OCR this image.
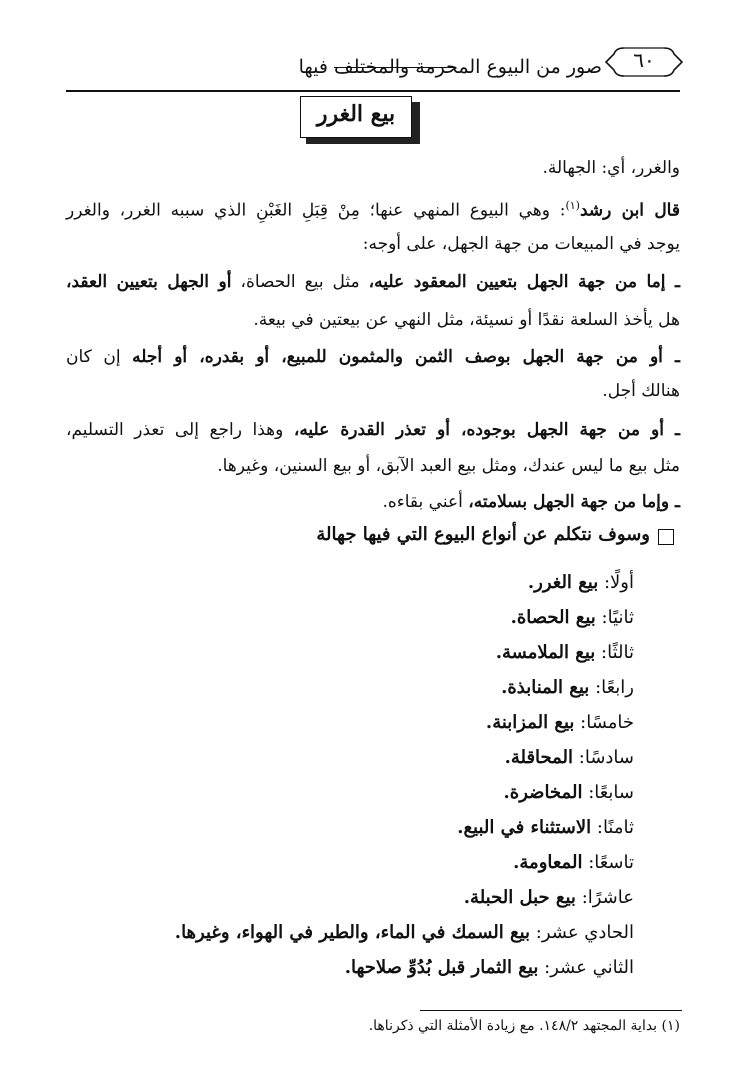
صور من البيوع المحرمة والمختلف فيها	٦٠
بيع الغرر
والغرر، أي: الجهالة.
قال ابن رشد$^{(١)}$: وهي البيوع المنهي عنها؛ مِنْ قِبَلِ الغَبْنِ الذي سببه الغرر، والغرر
يوجد في المبيعات من جهة الجهل، على أوجه:
ـ إما من جهة الجهل بتعيين المعقود عليه، مثل بيع الحصاة، أو الجهل بتعيين العقد،
هل يأخذ السلعة نقدًا أو نسيئة، مثل النهي عن بيعتين في بيعة.
ـ أو من جهة الجهل بوصف الثمن والمثمون للمبيع، أو بقدره، أو أجله إن كان
هنالك أجل.
ـ أو من جهة الجهل بوجوده، أو تعذر القدرة عليه، وهذا راجع إلى تعذر التسليم،
مثل بيع ما ليس عندك، ومثل بيع العبد الآبق، أو بيع السنين، وغيرها.
ـ وإما من جهة الجهل بسلامته، أعني بقاءه.
وسوف نتكلم عن أنواع البيوع التي فيها جهالة
أولًا: بيع الغرر.
ثانيًا: بيع الحصاة.
ثالثًا: بيع الملامسة.
رابعًا: بيع المنابذة.
خامسًا: بيع المزابنة.
سادسًا: المحاقلة.
سابعًا: المخاضرة.
ثامنًا: الاستثناء في البيع.
تاسعًا: المعاومة.
عاشرًا: بيع حبل الحبلة.
الحادي عشر: بيع السمك في الماء، والطير في الهواء، وغيرها.
الثاني عشر: بيع الثمار قبل بُدُوِّ صلاحها.
(١) بداية المجتهد ١٤٨/٢. مع زيادة الأمثلة التي ذكرناها.
